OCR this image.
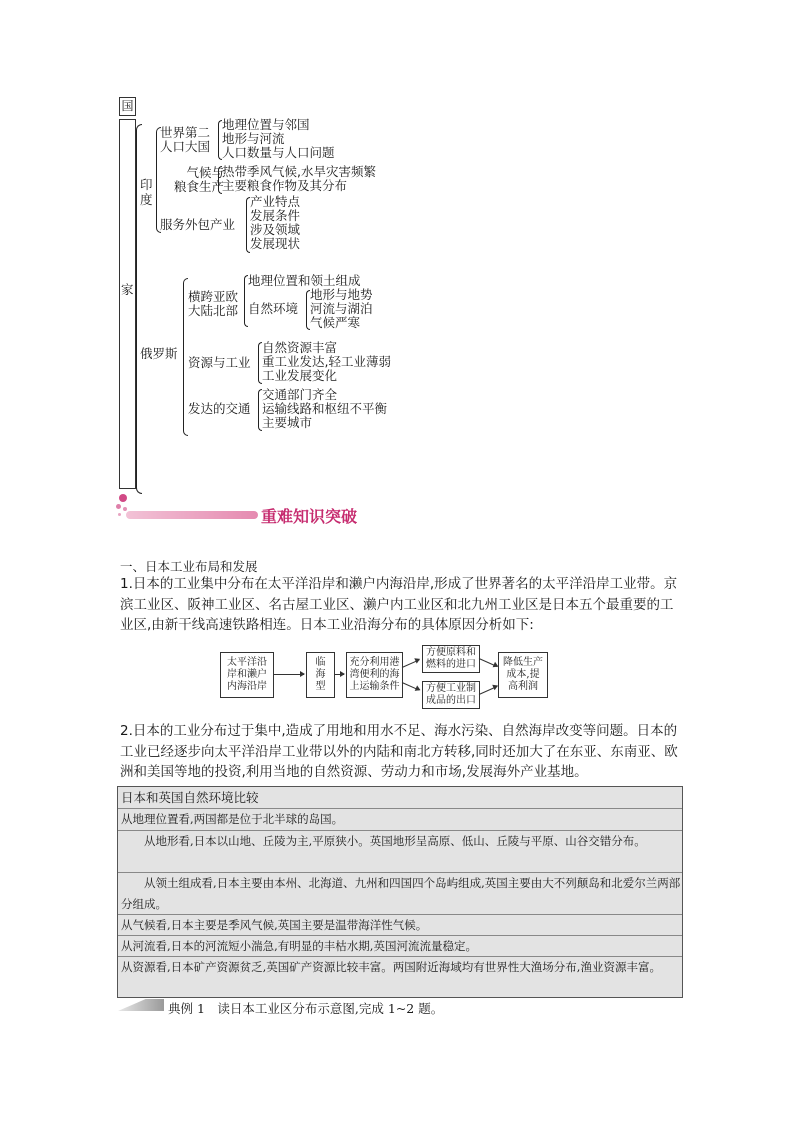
国
家
印
度
世界第二
人口大国
地理位置与邻国
地形与河流
人口数量与人口问题
气候与
粮食生产
热带季风气候,水旱灾害频繁
主要粮食作物及其分布
服务外包产业
产业特点
发展条件
涉及领域
发展现状
俄罗斯
横跨亚欧
大陆北部
地理位置和领土组成
自然环境
地形与地势
河流与湖泊
气候严寒
资源与工业
自然资源丰富
重工业发达,轻工业薄弱
工业发展变化
发达的交通
交通部门齐全
运输线路和枢纽不平衡
主要城市
重难知识突破
一、日本工业布局和发展
1.日本的工业集中分布在太平洋沿岸和濑户内海沿岸,形成了世界著名的太平洋沿岸工业带。京滨工业区、阪神工业区、名古屋工业区、濑户内工业区和北九州工业区是日本五个最重要的工业区,由新干线高速铁路相连。日本工业沿海分布的具体原因分析如下:
太平洋沿
岸和濑户
内海沿岸
临
海
型
充分利用港
湾便利的海
上运输条件
方便原料和
燃料的进口
方便工业制
成品的出口
降低生产
成本,提
高利润
2.日本的工业分布过于集中,造成了用地和用水不足、海水污染、自然海岸改变等问题。日本的工业已经逐步向太平洋沿岸工业带以外的内陆和南北方转移,同时还加大了在东亚、东南亚、欧洲和美国等地的投资,利用当地的自然资源、劳动力和市场,发展海外产业基地。
日本和英国自然环境比较
从地理位置看,两国都是位于北半球的岛国。
　　从地形看,日本以山地、丘陵为主,平原狭小。英国地形呈高原、低山、丘陵与平原、山谷交错分布。
　　从领土组成看,日本主要由本州、北海道、九州和四国四个岛屿组成,英国主要由大不列颠岛和北爱尔兰两部分组成。
从气候看,日本主要是季风气候,英国主要是温带海洋性气候。
从河流看,日本的河流短小湍急,有明显的丰枯水期,英国河流流量稳定。
从资源看,日本矿产资源贫乏,英国矿产资源比较丰富。两国附近海域均有世界性大渔场分布,渔业资源丰富。
典例 1　读日本工业区分布示意图,完成 1~2 题。
